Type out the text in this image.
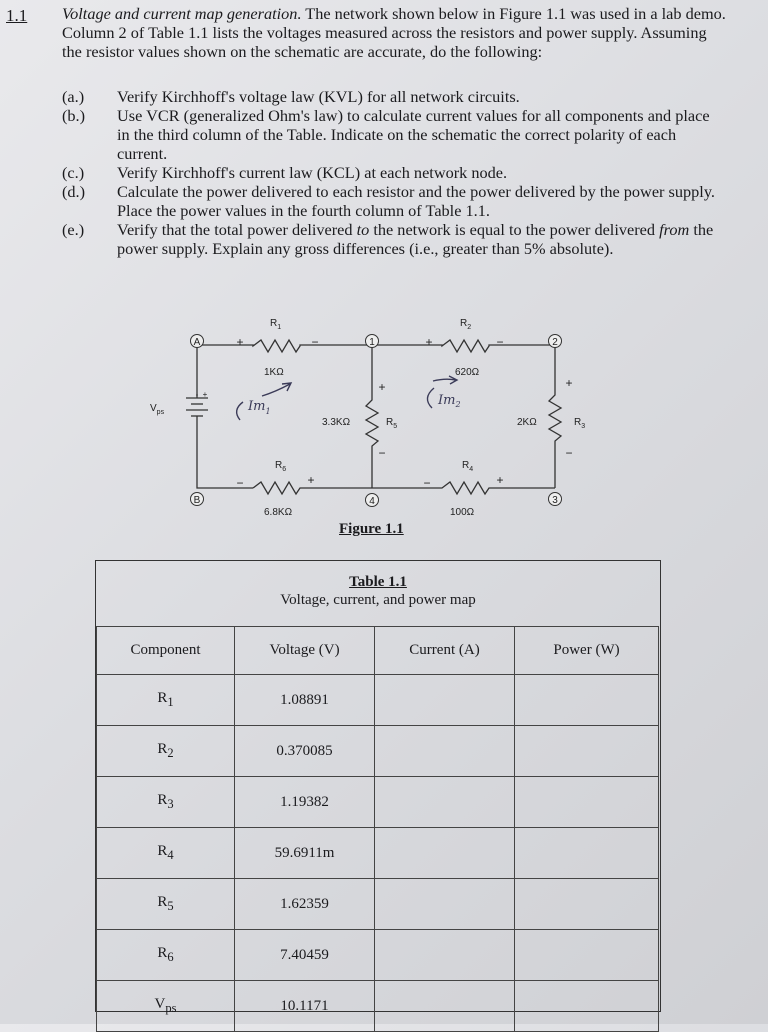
1.1 Voltage and current map generation. The network shown below in Figure 1.1 was used in a lab demo. Column 2 of Table 1.1 lists the voltages measured across the resistors and power supply. Assuming the resistor values shown on the schematic are accurate, do the following:
(a.)	Verify Kirchhoff's voltage law (KVL) for all network circuits.
(b.)	Use VCR (generalized Ohm's law) to calculate current values for all components and place in the third column of the Table. Indicate on the schematic the correct polarity of each current.
(c.)	Verify Kirchhoff's current law (KCL) at each network node.
(d.)	Calculate the power delivered to each resistor and the power delivered by the power supply. Place the power values in the fourth column of Table 1.1.
(e.)	Verify that the total power delivered to the network is equal to the power delivered from the power supply. Explain any gross differences (i.e., greater than 5% absolute).
A
B
1	2
3
4
$V_{ps}$
$R_1$
1KΩ
$R_2$
620Ω
$R_3$
2KΩ
$R_4$
100Ω
$R_5$
3.3KΩ
$R_6$
6.8KΩ
+	−	+	−
+
−
+
−
−	+	−	+
+
$Im_1$
$Im_2$
Figure 1.1
Table 1.1
Voltage, current, and power map
Component	Voltage (V)	Current (A)	Power (W)
$R_1$	1.08891		
$R_2$	0.370085		
$R_3$	1.19382		
$R_4$	59.6911m		
$R_5$	1.62359		
$R_6$	7.40459		
$V_{ps}$	10.1171		
